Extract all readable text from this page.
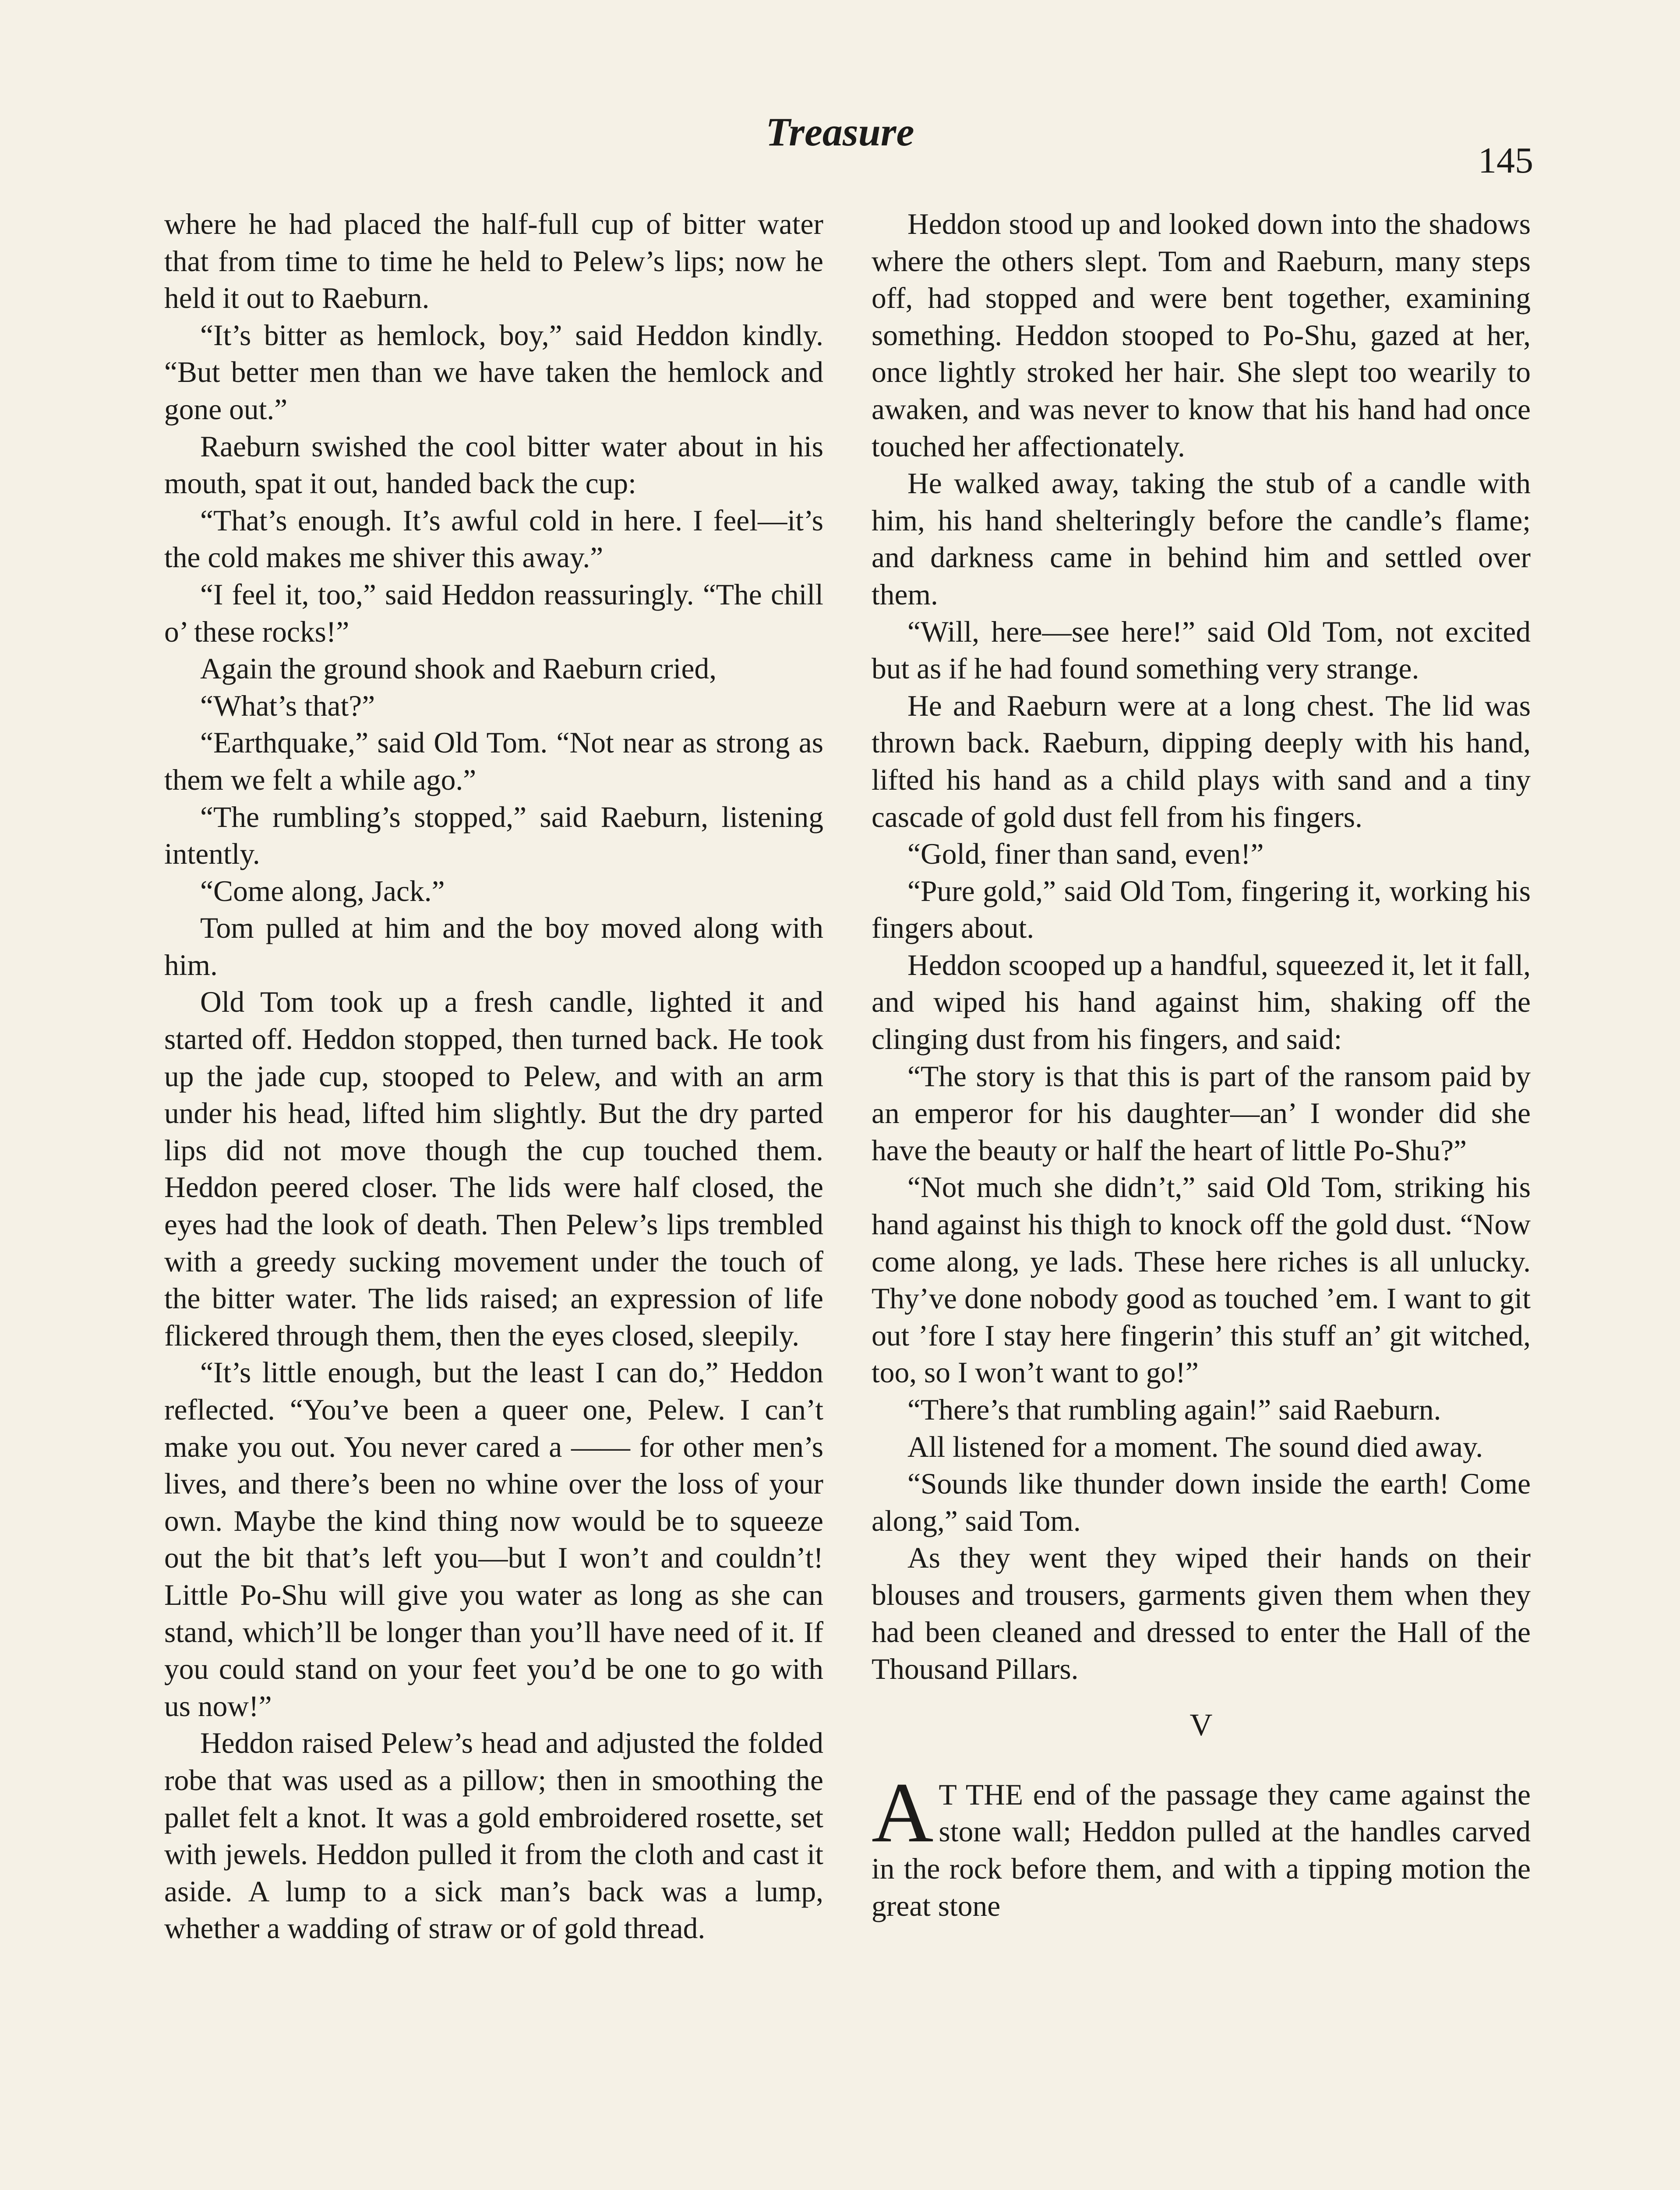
Treasure
145

where he had placed the half-full cup of bitter water that from time to time he held to Pelew’s lips; now he held it out to Raeburn.

“It’s bitter as hemlock, boy,” said Heddon kindly. “But better men than we have taken the hemlock and gone out.”

Raeburn swished the cool bitter water about in his mouth, spat it out, handed back the cup:

“That’s enough. It’s awful cold in here. I feel—it’s the cold makes me shiver this away.”

“I feel it, too,” said Heddon reassuringly. “The chill o’ these rocks!”

Again the ground shook and Raeburn cried,

“What’s that?”

“Earthquake,” said Old Tom. “Not near as strong as them we felt a while ago.”

“The rumbling’s stopped,” said Raeburn, listening intently.

“Come along, Jack.”

Tom pulled at him and the boy moved along with him.

Old Tom took up a fresh candle, lighted it and started off. Heddon stopped, then turned back. He took up the jade cup, stooped to Pelew, and with an arm under his head, lifted him slightly. But the dry parted lips did not move though the cup touched them. Heddon peered closer. The lids were half closed, the eyes had the look of death. Then Pelew’s lips trembled with a greedy sucking movement under the touch of the bitter water. The lids raised; an expression of life flickered through them, then the eyes closed, sleepily.

“It’s little enough, but the least I can do,” Heddon reflected. “You’ve been a queer one, Pelew. I can’t make you out. You never cared a —— for other men’s lives, and there’s been no whine over the loss of your own. Maybe the kind thing now would be to squeeze out the bit that’s left you—but I won’t and couldn’t! Little Po-Shu will give you water as long as she can stand, which’ll be longer than you’ll have need of it. If you could stand on your feet you’d be one to go with us now!”

Heddon raised Pelew’s head and adjusted the folded robe that was used as a pillow; then in smoothing the pallet felt a knot. It was a gold embroidered rosette, set with jewels. Heddon pulled it from the cloth and cast it aside. A lump to a sick man’s back was a lump, whether a wadding of straw or of gold thread.

Heddon stood up and looked down into the shadows where the others slept. Tom and Raeburn, many steps off, had stopped and were bent together, examining something. Heddon stooped to Po-Shu, gazed at her, once lightly stroked her hair. She slept too wearily to awaken, and was never to know that his hand had once touched her affectionately.

He walked away, taking the stub of a candle with him, his hand shelteringly before the candle’s flame; and darkness came in behind him and settled over them.

“Will, here—see here!” said Old Tom, not excited but as if he had found something very strange.

He and Raeburn were at a long chest. The lid was thrown back. Raeburn, dipping deeply with his hand, lifted his hand as a child plays with sand and a tiny cascade of gold dust fell from his fingers.

“Gold, finer than sand, even!”

“Pure gold,” said Old Tom, fingering it, working his fingers about.

Heddon scooped up a handful, squeezed it, let it fall, and wiped his hand against him, shaking off the clinging dust from his fingers, and said:

“The story is that this is part of the ransom paid by an emperor for his daughter—an’ I wonder did she have the beauty or half the heart of little Po-Shu?”

“Not much she didn’t,” said Old Tom, striking his hand against his thigh to knock off the gold dust. “Now come along, ye lads. These here riches is all unlucky. Thy’ve done nobody good as touched ’em. I want to git out ’fore I stay here fingerin’ this stuff an’ git witched, too, so I won’t want to go!”

“There’s that rumbling again!” said Raeburn.

All listened for a moment. The sound died away.

“Sounds like thunder down inside the earth! Come along,” said Tom.

As they went they wiped their hands on their blouses and trousers, garments given them when they had been cleaned and dressed to enter the Hall of the Thousand Pillars.

V

A T THE end of the passage they came against the stone wall; Heddon pulled at the handles carved in the rock before them, and with a tipping motion the great stone
